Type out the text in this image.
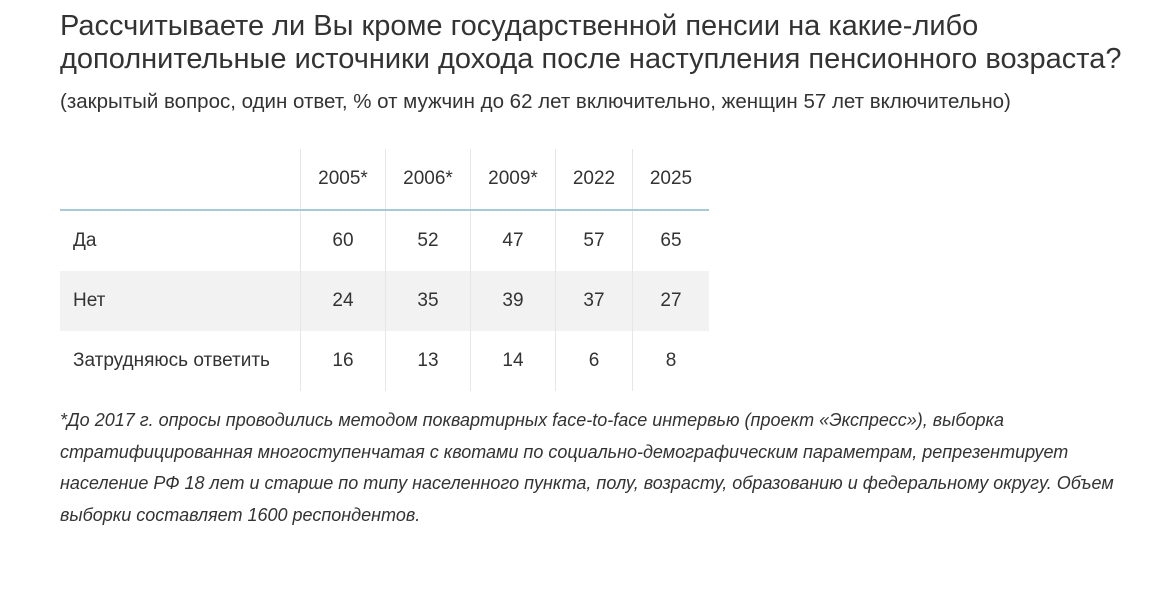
Рассчитываете ли Вы кроме государственной пенсии на какие-либо дополнительные источники дохода после наступления пенсионного возраста?
(закрытый вопрос, один ответ, % от мужчин до 62 лет включительно, женщин 57 лет включительно)
	2005*	2006*	2009*	2022	2025
Да	60	52	47	57	65
Нет	24	35	39	37	27
Затрудняюсь ответить	16	13	14	6	8

*До 2017 г. опросы проводились методом поквартирных face-to-face интервью (проект «Экспресс»), выборка стратифицированная многоступенчатая с квотами по социально-демографическим параметрам, репрезентирует население РФ 18 лет и старше по типу населенного пункта, полу, возрасту, образованию и федеральному округу. Объем выборки составляет 1600 респондентов.
